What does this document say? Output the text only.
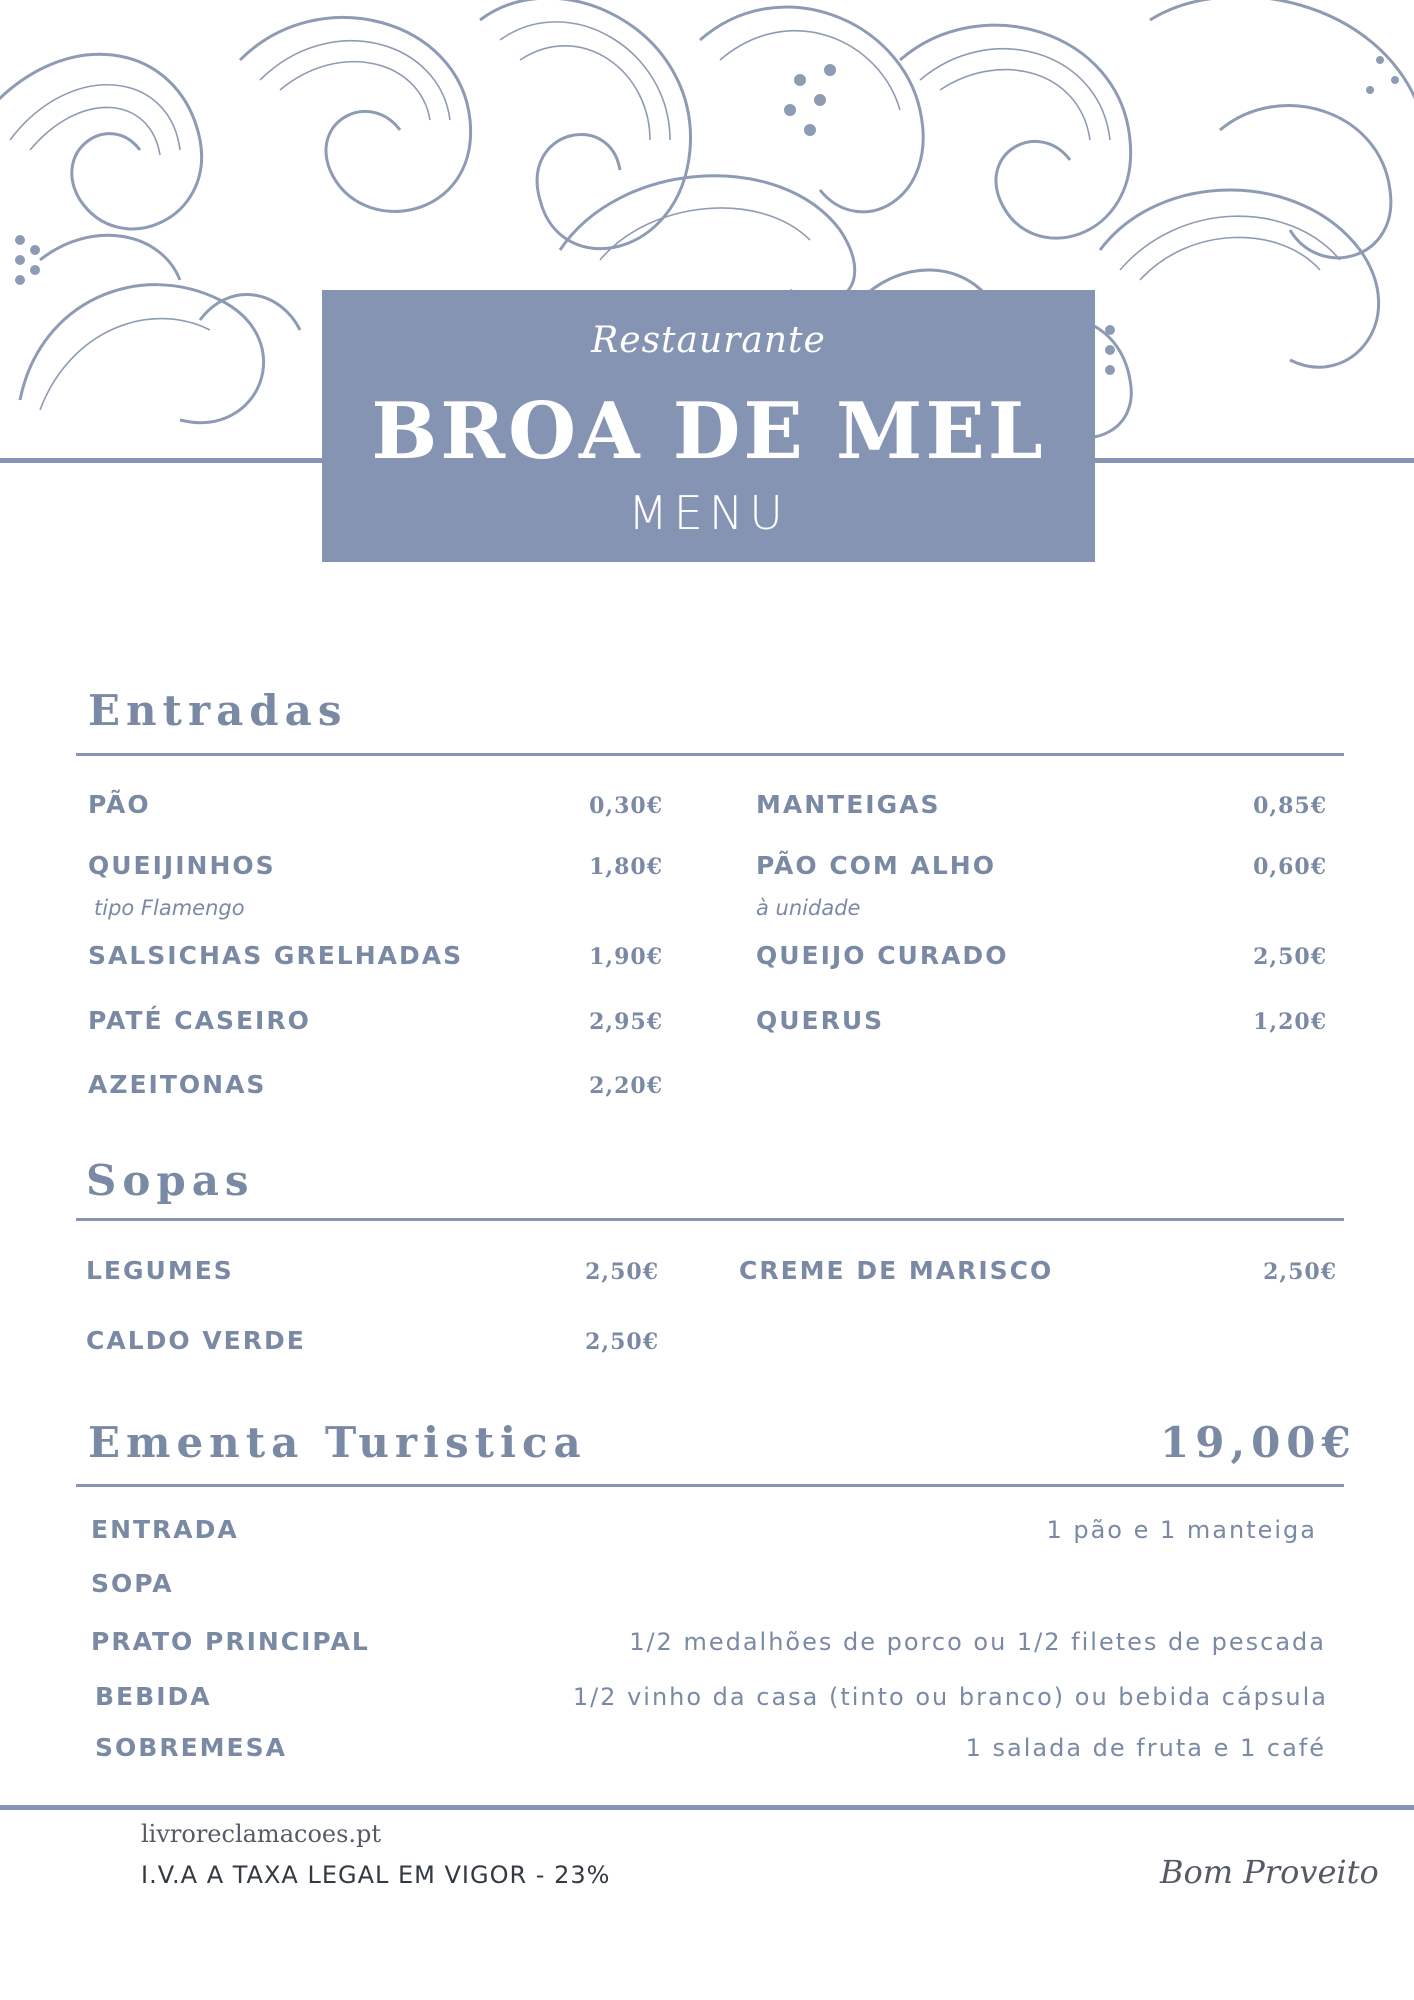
Restaurante
BROA DE MEL
MENU
Entradas
PÃO	0,30€
QUEIJINHOS	1,80€
tipo Flamengo
SALSICHAS GRELHADAS	1,90€
PATÉ CASEIRO	2,95€
AZEITONAS	2,20€
MANTEIGAS	0,85€
PÃO COM ALHO	0,60€
à unidade
QUEIJO CURADO	2,50€
QUERUS	1,20€
Sopas
LEGUMES	2,50€
CALDO VERDE	2,50€
CREME DE MARISCO	2,50€
Ementa Turistica	19,00€
ENTRADA	1 pão e 1 manteiga
SOPA
PRATO PRINCIPAL	1/2 medalhões de porco ou 1/2 filetes de pescada
BEBIDA	1/2 vinho da casa (tinto ou branco) ou bebida cápsula
SOBREMESA	1 salada de fruta e 1 café
livroreclamacoes.pt
I.V.A A TAXA LEGAL EM VIGOR - 23%	Bom Proveito
